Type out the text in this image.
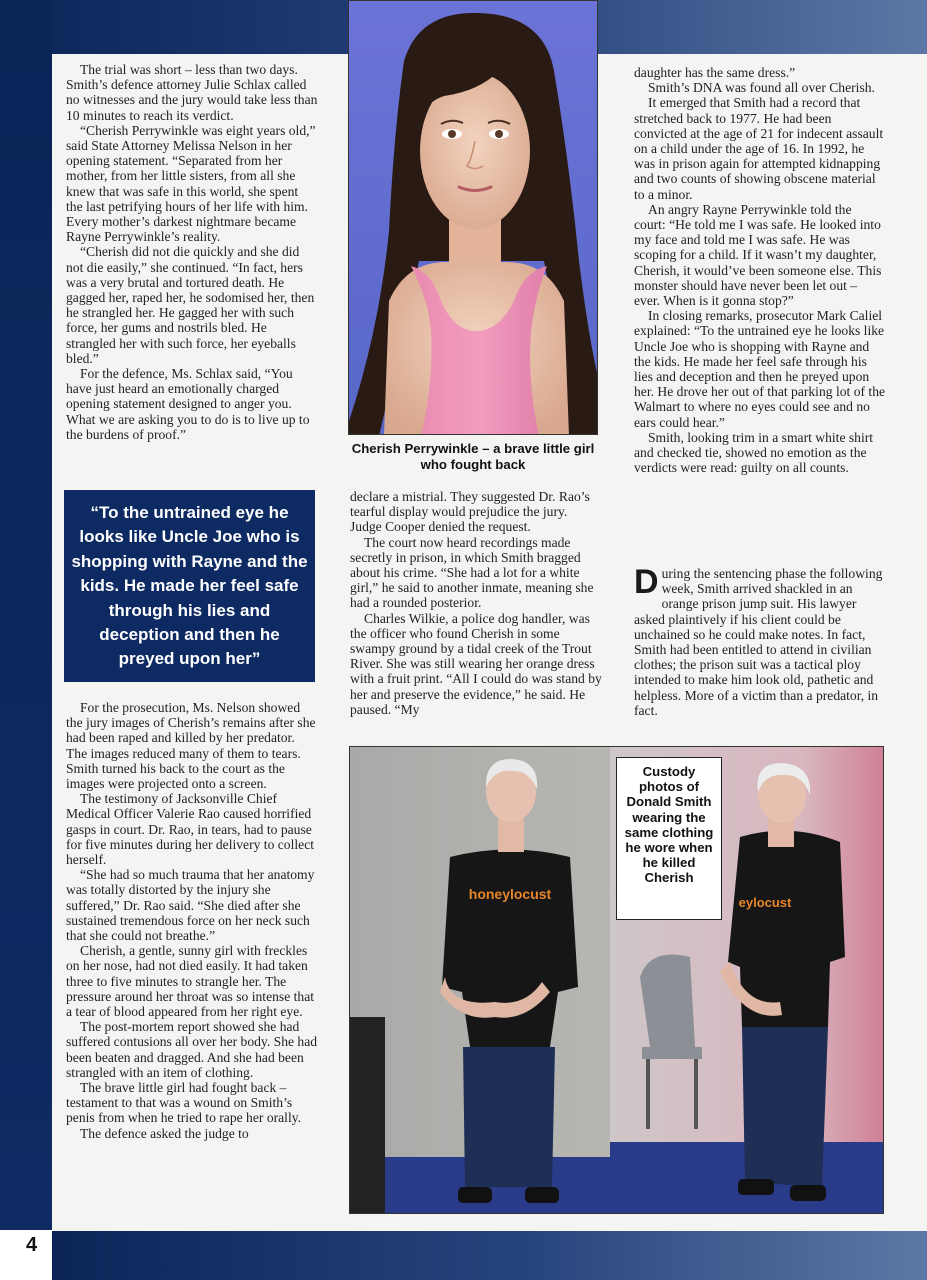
4

The trial was short – less than two days. Smith’s defence attorney Julie Schlax called no witnesses and the jury would take less than 10 minutes to reach its verdict.

“Cherish Perrywinkle was eight years old,” said State Attorney Melissa Nelson in her opening statement. “Separated from her mother, from her little sisters, from all she knew that was safe in this world, she spent the last petrifying hours of her life with him. Every mother’s darkest nightmare became Rayne Perrywinkle’s reality.

“Cherish did not die quickly and she did not die easily,” she continued. “In fact, hers was a very brutal and tortured death. He gagged her, raped her, he sodomised her, then he strangled her. He gagged her with such force, her gums and nostrils bled. He strangled her with such force, her eyeballs bled.”

For the defence, Ms. Schlax said, “You have just heard an emotionally charged opening statement designed to anger you. What we are asking you to do is to live up to the burdens of proof.”

“To the untrained eye he looks like Uncle Joe who is shopping with Rayne and the kids. He made her feel safe through his lies and deception and then he preyed upon her”

For the prosecution, Ms. Nelson showed the jury images of Cherish’s remains after she had been raped and killed by her predator. The images reduced many of them to tears. Smith turned his back to the court as the images were projected onto a screen.

The testimony of Jacksonville Chief Medical Officer Valerie Rao caused horrified gasps in court. Dr. Rao, in tears, had to pause for five minutes during her delivery to collect herself.

“She had so much trauma that her anatomy was totally distorted by the injury she suffered,” Dr. Rao said. “She died after she sustained tremendous force on her neck such that she could not breathe.”

Cherish, a gentle, sunny girl with freckles on her nose, had not died easily. It had taken three to five minutes to strangle her. The pressure around her throat was so intense that a tear of blood appeared from her right eye.

The post-mortem report showed she had suffered contusions all over her body. She had been beaten and dragged. And she had been strangled with an item of clothing.

The brave little girl had fought back – testament to that was a wound on Smith’s penis from when he tried to rape her orally.

The defence asked the judge to

Cherish Perrywinkle – a brave little girl who fought back

declare a mistrial. They suggested Dr. Rao’s tearful display would prejudice the jury. Judge Cooper denied the request.

The court now heard recordings made secretly in prison, in which Smith bragged about his crime. “She had a lot for a white girl,” he said to another inmate, meaning she had a rounded posterior.

Charles Wilkie, a police dog handler, was the officer who found Cherish in some swampy ground by a tidal creek of the Trout River. She was still wearing her orange dress with a fruit print. “All I could do was stand by her and preserve the evidence,” he said. He paused. “My

daughter has the same dress.”

Smith’s DNA was found all over Cherish.

It emerged that Smith had a record that stretched back to 1977. He had been convicted at the age of 21 for indecent assault on a child under the age of 16. In 1992, he was in prison again for attempted kidnapping and two counts of showing obscene material to a minor.

An angry Rayne Perrywinkle told the court: “He told me I was safe. He looked into my face and told me I was safe. He was scoping for a child. If it wasn’t my daughter, Cherish, it would’ve been someone else. This monster should have never been let out – ever. When is it gonna stop?”

In closing remarks, prosecutor Mark Caliel explained: “To the untrained eye he looks like Uncle Joe who is shopping with Rayne and the kids. He made her feel safe through his lies and deception and then he preyed upon her. He drove her out of that parking lot of the Walmart to where no eyes could see and no ears could hear.”

Smith, looking trim in a smart white shirt and checked tie, showed no emotion as the verdicts were read: guilty on all counts.

During the sentencing phase the following week, Smith arrived shackled in an orange prison jump suit. His lawyer asked plaintively if his client could be unchained so he could make notes. In fact, Smith had been entitled to attend in civilian clothes; the prison suit was a tactical ploy intended to make him look old, pathetic and helpless. More of a victim than a predator, in fact.

honeylocust
eylocust
Custody photos of Donald Smith wearing the same clothing he wore when he killed Cherish
